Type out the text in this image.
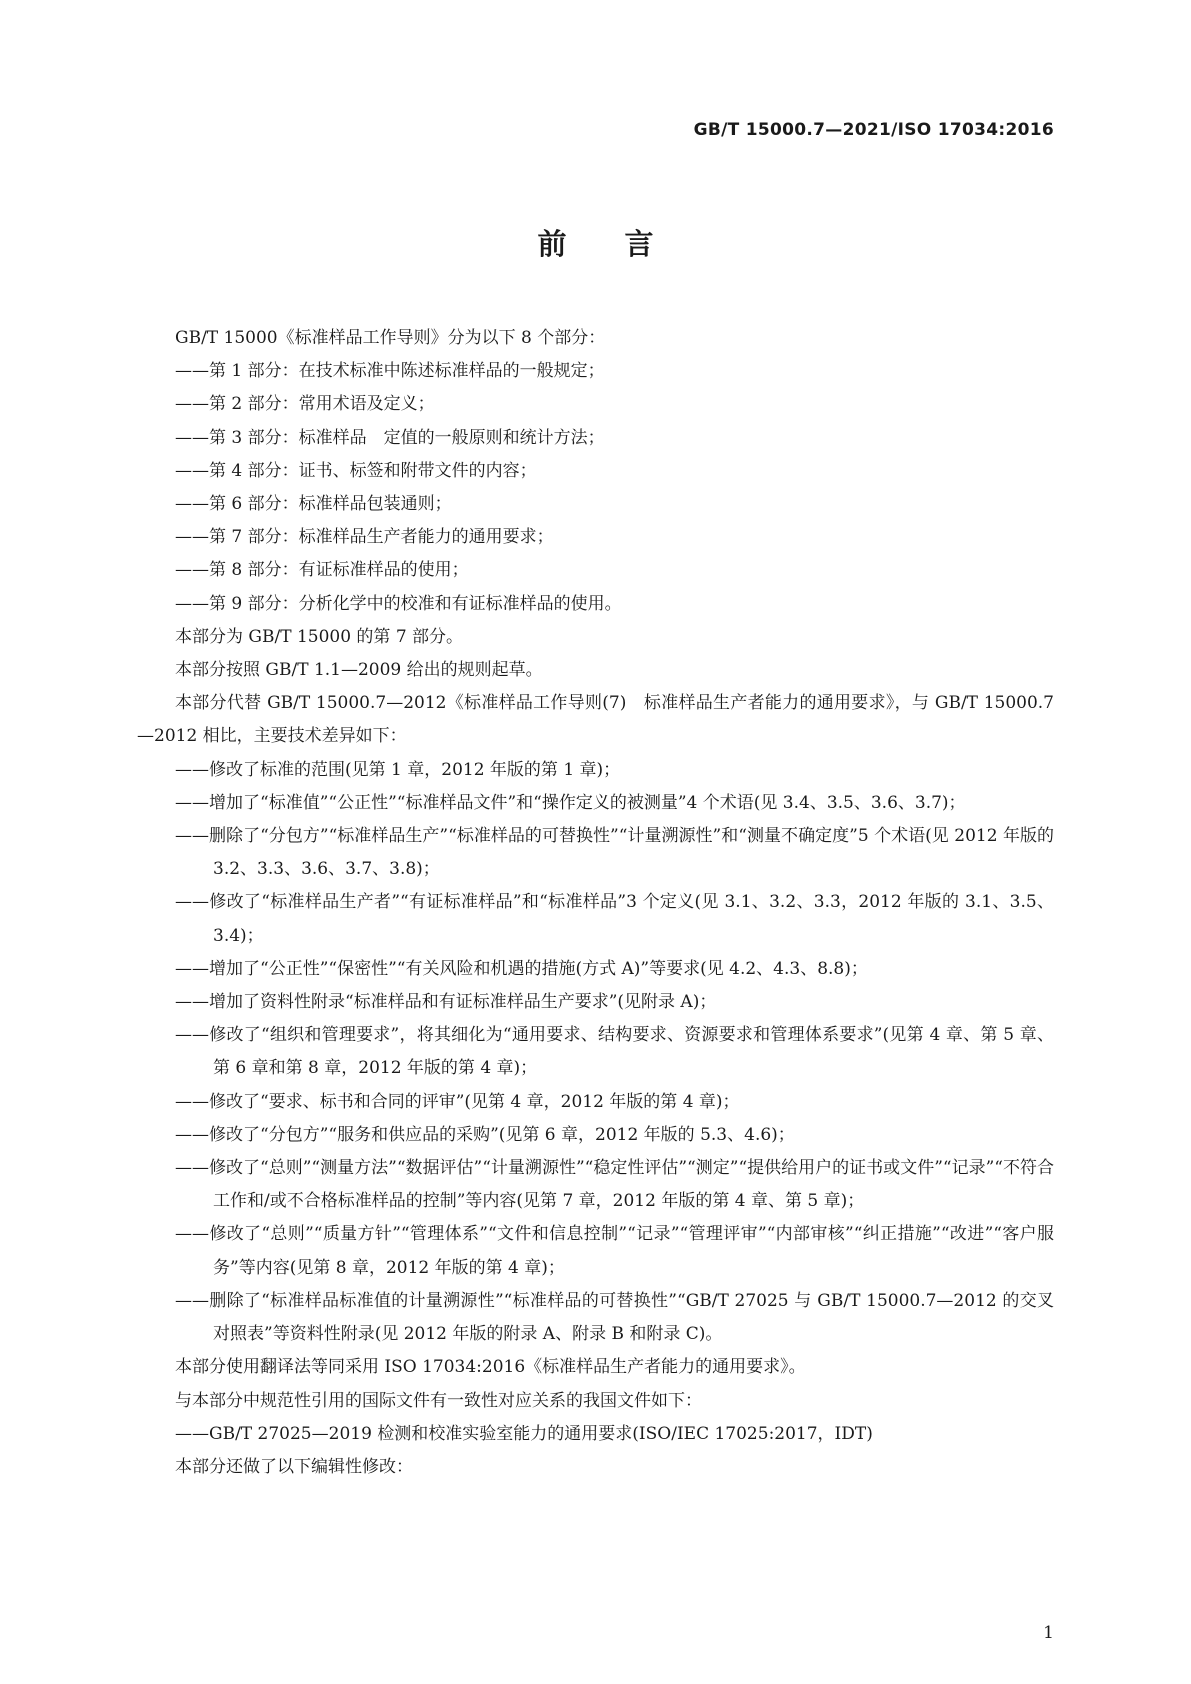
GB/T 15000.7—2021/ISO 17034:2016
前　　言

GB/T 15000《标准样品工作导则》分为以下 8 个部分：

——第 1 部分：在技术标准中陈述标准样品的一般规定；

——第 2 部分：常用术语及定义；

——第 3 部分：标准样品　定值的一般原则和统计方法；

——第 4 部分：证书、标签和附带文件的内容；

——第 6 部分：标准样品包装通则；

——第 7 部分：标准样品生产者能力的通用要求；

——第 8 部分：有证标准样品的使用；

——第 9 部分：分析化学中的校准和有证标准样品的使用。

本部分为 GB/T 15000 的第 7 部分。

本部分按照 GB/T 1.1—2009 给出的规则起草。

本部分代替 GB/T 15000.7—2012《标准样品工作导则(7)　标准样品生产者能力的通用要求》，与 GB/T 15000.7—2012 相比，主要技术差异如下：

——修改了标准的范围(见第 1 章，2012 年版的第 1 章)；

——增加了“标准值”“公正性”“标准样品文件”和“操作定义的被测量”4 个术语(见 3.4、3.5、3.6、3.7)；

——删除了“分包方”“标准样品生产”“标准样品的可替换性”“计量溯源性”和“测量不确定度”5 个术语(见 2012 年版的 3.2、3.3、3.6、3.7、3.8)；

——修改了“标准样品生产者”“有证标准样品”和“标准样品”3 个定义(见 3.1、3.2、3.3，2012 年版的 3.1、3.5、3.4)；

——增加了“公正性”“保密性”“有关风险和机遇的措施(方式 A)”等要求(见 4.2、4.3、8.8)；

——增加了资料性附录“标准样品和有证标准样品生产要求”(见附录 A)；

——修改了“组织和管理要求”，将其细化为“通用要求、结构要求、资源要求和管理体系要求”(见第 4 章、第 5 章、第 6 章和第 8 章，2012 年版的第 4 章)；

——修改了“要求、标书和合同的评审”(见第 4 章，2012 年版的第 4 章)；

——修改了“分包方”“服务和供应品的采购”(见第 6 章，2012 年版的 5.3、4.6)；

——修改了“总则”“测量方法”“数据评估”“计量溯源性”“稳定性评估”“测定”“提供给用户的证书或文件”“记录”“不符合工作和/或不合格标准样品的控制”等内容(见第 7 章，2012 年版的第 4 章、第 5 章)；

——修改了“总则”“质量方针”“管理体系”“文件和信息控制”“记录”“管理评审”“内部审核”“纠正措施”“改进”“客户服务”等内容(见第 8 章，2012 年版的第 4 章)；

——删除了“标准样品标准值的计量溯源性”“标准样品的可替换性”“GB/T 27025 与 GB/T 15000.7—2012 的交叉对照表”等资料性附录(见 2012 年版的附录 A、附录 B 和附录 C)。

本部分使用翻译法等同采用 ISO 17034:2016《标准样品生产者能力的通用要求》。

与本部分中规范性引用的国际文件有一致性对应关系的我国文件如下：

——GB/T 27025—2019 检测和校准实验室能力的通用要求(ISO/IEC 17025:2017，IDT)

本部分还做了以下编辑性修改：

1
